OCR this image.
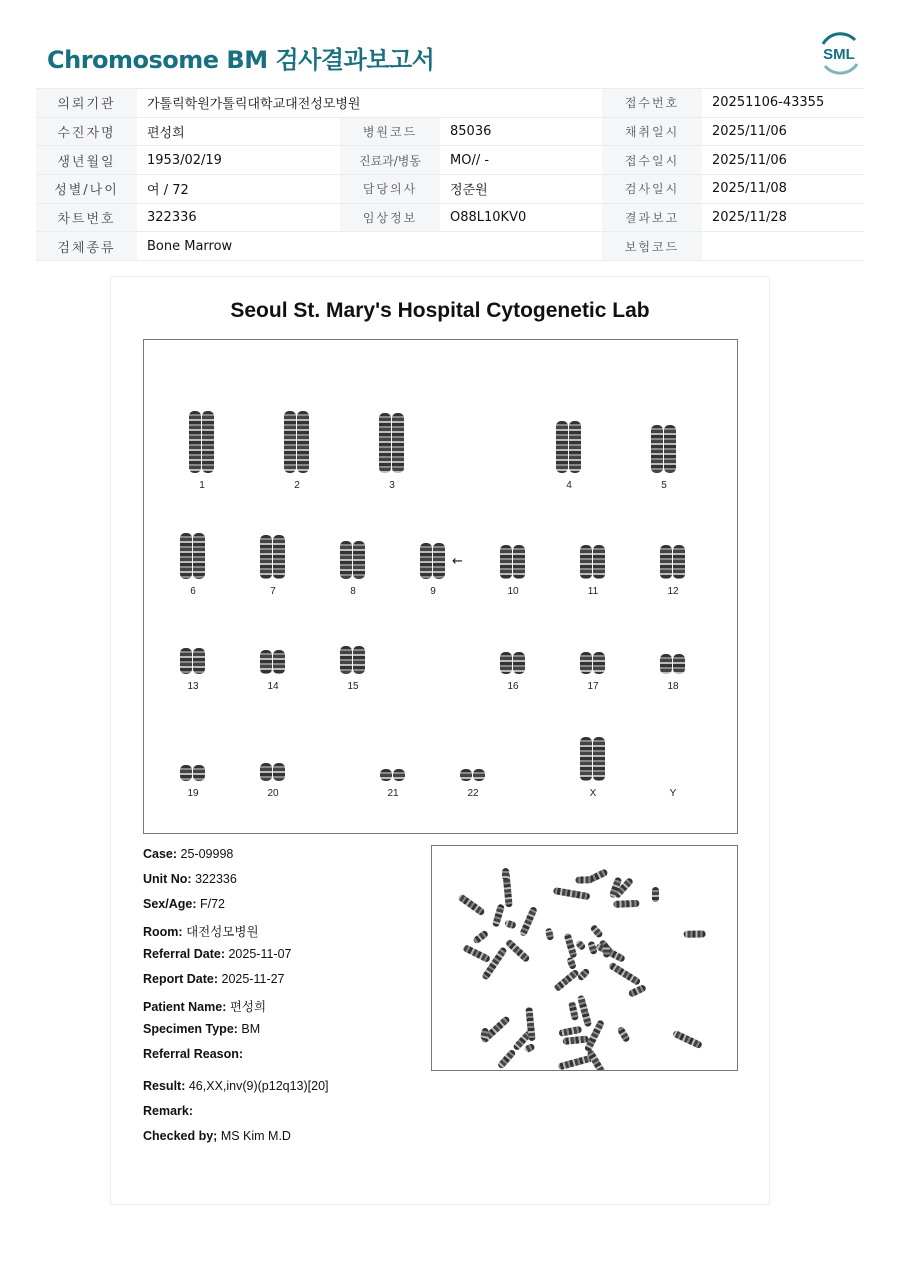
Chromosome BM 검사결과보고서	SML
의뢰기관	가톨릭학원가톨릭대학교대전성모병원			접수번호	20251106-43355
수진자명	편성희	병원코드	85036	채취일시	2025/11/06
생년월일	1953/02/19	진료과/병동	MO// -	접수일시	2025/11/06
성별/나이	여 / 72	담당의사	정준원	검사일시	2025/11/08
차트번호	322336	임상정보	O88L10KV0	결과보고	2025/11/28
검체종류	Bone Marrow			보험코드	
Seoul St. Mary's Hospital Cytogenetic Lab
1	2	3	4	5
6	7	8	9	10	11	12
13	14	15	16	17	18
19	20	21	22	X	Y
←
Case: 25-09998
Unit No: 322336
Sex/Age: F/72
Room: 대전성모병원
Referral Date: 2025-11-07
Report Date: 2025-11-27
Patient Name: 편성희
Specimen Type: BM
Referral Reason:
Result: 46,XX,inv(9)(p12q13)[20]
Remark:
Checked by; MS Kim M.D
